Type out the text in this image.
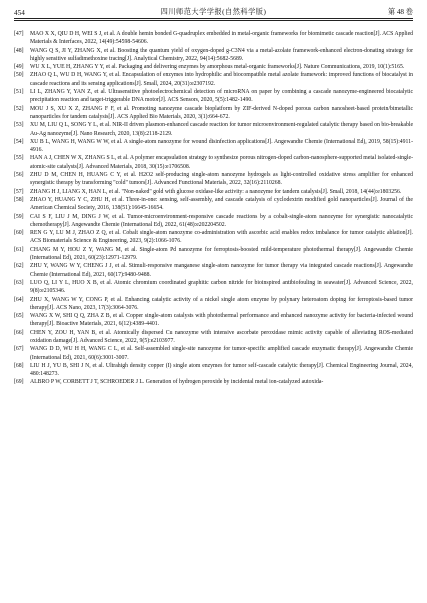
454	四川师范大学学报(自然科学版)	第 48 卷
[47]	MAO X X, QIU D H, WEI S J, et al. A double hemin bonded G-quadruplex embedded in metal-organic frameworks for biomimetic cascade reaction[J]. ACS Applied Materials & Interfaces, 2022, 14(49):54598-54606.
[48]	WANG Q S, JI Y, ZHANG X, et al. Boosting the quantum yield of oxygen-doped g-C3N4 via a metal-azolate framework-enhanced electron-donating strategy for highly sensitive sulfadimethoxine tracing[J]. Analytical Chemistry, 2022, 94(14):5682-5689.
[49]	WU X L, YUE H, ZHANG Y Y, et al. Packaging and delivering enzymes by amorphous metal-organic frameworks[J]. Nature Communications, 2019, 10(1):5165.
[50]	ZHAO Q L, WU D H, WANG Y, et al. Encapsulation of enzymes into hydrophilic and biocompatible metal azolate framework: improved functions of biocatalyst in cascade reactions and its sensing applications[J]. Small, 2024, 20(31):e2307192.
[51]	LI L, ZHANG Y, YAN Z, et al. Ultrasensitive photoelectrochemical detection of microRNA on paper by combining a cascade nanozyme-engineered biocatalytic precipitation reaction and target-triggerable DNA motor[J]. ACS Sensors, 2020, 5(5):1482-1490.
[52]	MOU J S, XU X Z, ZHANG F F, et al. Promoting nanozyme cascade bioplatform by ZIF-derived N-doped porous carbon nanosheet-based protein/bimetallic nanoparticles for tandem catalysis[J]. ACS Applied Bio Materials, 2020, 3(1):664-672.
[53]	XU M, LIU Q L, SONG Y L, et al. NIR-II driven plasmon-enhanced cascade reaction for tumor microenvironment-regulated catalytic therapy based on bio-breakable Au-Ag nanozyme[J]. Nano Research, 2020, 13(8):2118-2129.
[54]	XU B L, WANG H, WANG W W, et al. A single-atom nanozyme for wound disinfection applications[J]. Angewandte Chemie (International Ed), 2019, 58(15):4911-4916.
[55]	HAN A J, CHEN W X, ZHANG S L, et al. A polymer encapsulation strategy to synthesize porous nitrogen-doped carbon-nanosphere-supported metal isolated-single-atomic-site catalysts[J]. Advanced Materials, 2018, 30(15):e1706508.
[56]	ZHU D M, CHEN H, HUANG C Y, et al. H2O2 self-producing single-atom nanozyme hydrogels as light-controlled oxidative stress amplifier for enhanced synergistic therapy by transforming "cold" tumors[J]. Advanced Functional Materials, 2022, 32(16):2110268.
[57]	ZHANG H J, LIANG X, HAN L, et al. "Non-naked" gold with glucose oxidase-like activity: a nanozyme for tandem catalysis[J]. Small, 2018, 14(44):e1803256.
[58]	ZHAO Y, HUANG Y C, ZHU H, et al. Three-in-one: sensing, self-assembly, and cascade catalysis of cyclodextrin modified gold nanoparticles[J]. Journal of the American Chemical Society, 2016, 138(51):16645-16654.
[59]	CAI S F, LIU J M, DING J W, et al. Tumor-microenvironment-responsive cascade reactions by a cobalt-single-atom nanozyme for synergistic nanocatalytic chemotherapy[J]. Angewandte Chemie (International Ed), 2022, 61(48):e202204502.
[60]	REN G Y, LU M J, ZHAO Z Q, et al. Cobalt single-atom nanozyme co-administration with ascorbic acid enables redox imbalance for tumor catalytic ablation[J]. ACS Biomaterials Science & Engineering, 2023, 9(2):1066-1076.
[61]	CHANG M Y, HOU Z Y, WANG M, et al. Single-atom Pd nanozyme for ferroptosis-boosted mild-temperature photothermal therapy[J]. Angewandte Chemie (International Ed), 2021, 60(23):12971-12979.
[62]	ZHU Y, WANG W Y, CHENG J J, et al. Stimuli-responsive manganese single-atom nanozyme for tumor therapy via integrated cascade reactions[J]. Angewandte Chemie (International Ed), 2021, 60(17):9480-9488.
[63]	LUO Q, LI Y L, HUO X B, et al. Atomic chromium coordinated graphitic carbon nitride for bioinspired antibiofouling in seawater[J]. Advanced Science, 2022, 9(8):e2105346.
[64]	ZHU X, WANG W Y, CONG P, et al. Enhancing catalytic activity of a nickel single atom enzyme by polynary heteroatom doping for ferroptosis-based tumor therapy[J]. ACS Nano, 2023, 17(3):3064-3076.
[65]	WANG X W, SHI Q Q, ZHA Z B, et al. Copper single-atom catalysts with photothermal performance and enhanced nanozyme activity for bacteria-infected wound therapy[J]. Bioactive Materials, 2021, 6(12):4389-4401.
[66]	CHEN Y, ZOU H, YAN B, et al. Atomically dispersed Cu nanozyme with intensive ascorbate peroxidase mimic activity capable of alleviating ROS-mediated oxidation damage[J]. Advanced Science, 2022, 9(5):e2103977.
[67]	WANG D D, WU H H, WANG C L, et al. Self-assembled single-site nanozyme for tumor-specific amplified cascade enzymatic therapy[J]. Angewandte Chemie (International Ed), 2021, 60(6):3001-3007.
[68]	LIU H J, YU B, SHI J N, et al. Ultrahigh density copper (I) single atom enzymes for tumor self-cascade catalytic therapy[J]. Chemical Engineering Journal, 2024, 480:148273.
[69]	ALBRO P W, CORBETT J T, SCHROEDER J L. Generation of hydrogen peroxide by incidental metal ion-catalyzed autoxida-
